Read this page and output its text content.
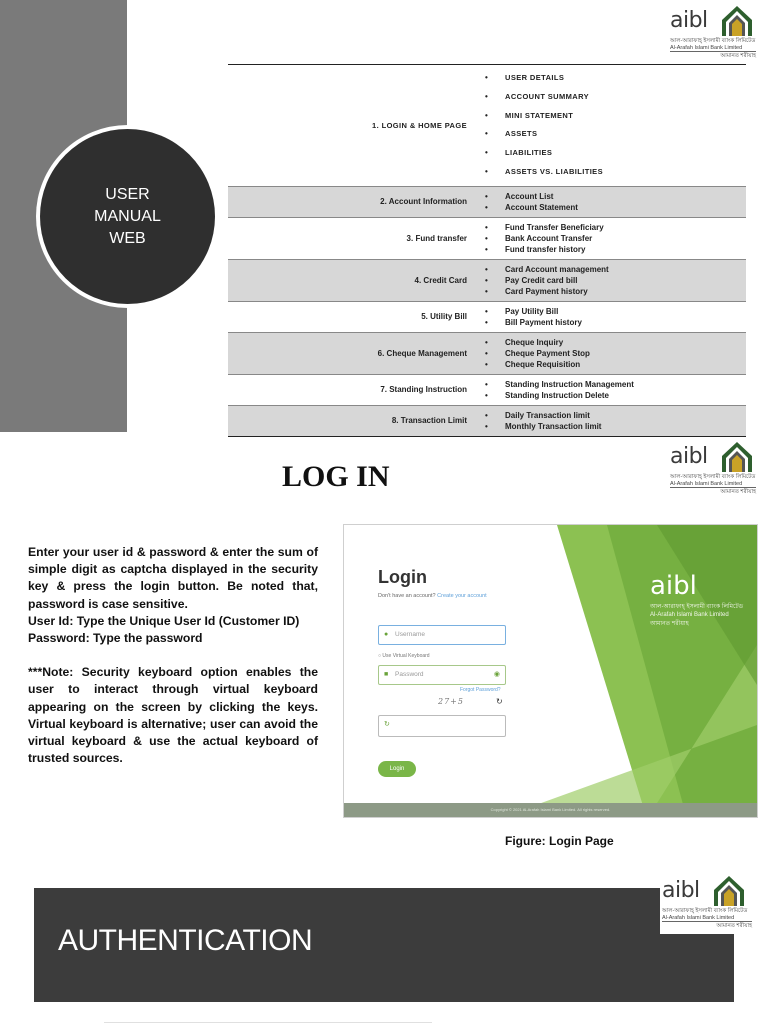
USER
MANUAL
WEB
aibl
আল-আরাফাহ্ ইসলামী ব্যাংক লিমিটেড
Al-Arafah Islami Bank Limited
আমানত শরীয়াহ
1. LOGIN & HOME PAGE
•	USER DETAILS
•	ACCOUNT SUMMARY
•	MINI STATEMENT
•	ASSETS
•	LIABILITIES
•	ASSETS VS. LIABILITIES
2. Account Information
•	Account List
•	Account Statement
3. Fund transfer
•	Fund Transfer Beneficiary
•	Bank Account Transfer
•	Fund transfer history
4. Credit Card
•	Card Account management
•	Pay Credit card bill
•	Card Payment history
5. Utility Bill
•	Pay Utility Bill
•	Bill Payment history
6. Cheque Management
•	Cheque Inquiry
•	Cheque Payment Stop
•	Cheque Requisition
7. Standing Instruction
•	Standing Instruction Management
•	Standing Instruction Delete
8. Transaction Limit
•	Daily Transaction limit
•	Monthly Transaction limit
LOG IN
aibl
আল-আরাফাহ্ ইসলামী ব্যাংক লিমিটেড
Al-Arafah Islami Bank Limited
আমানত শরীয়াহ

Enter your user id & password & enter the sum of simple digit as captcha displayed in the security key & press the login button. Be noted that, password is case sensitive.

User Id: Type the Unique User Id (Customer ID)

Password: Type the password

***Note: Security keyboard option enables the user to interact through virtual keyboard appearing on the screen by clicking the keys. Virtual keyboard is alternative; user can avoid the virtual keyboard & use the actual keyboard of trusted sources.

Login
Don't have an account? Create your account
● Username
○ Use Virtual Keyboard
■ Password	◉
Forgot Password?
27+5	↻
↻
Login
aibl
আল-আরাফাহ্ ইসলামী ব্যাংক লিমিটেড
Al-Arafah Islami Bank Limited
আমানত শরীয়াহ
Copyright © 2021 Al-Arafah Islami Bank Limited. All rights reserved.
Figure: Login Page
AUTHENTICATION
aibl
আল-আরাফাহ্ ইসলামী ব্যাংক লিমিটেড
Al-Arafah Islami Bank Limited
আমানত শরীয়াহ
